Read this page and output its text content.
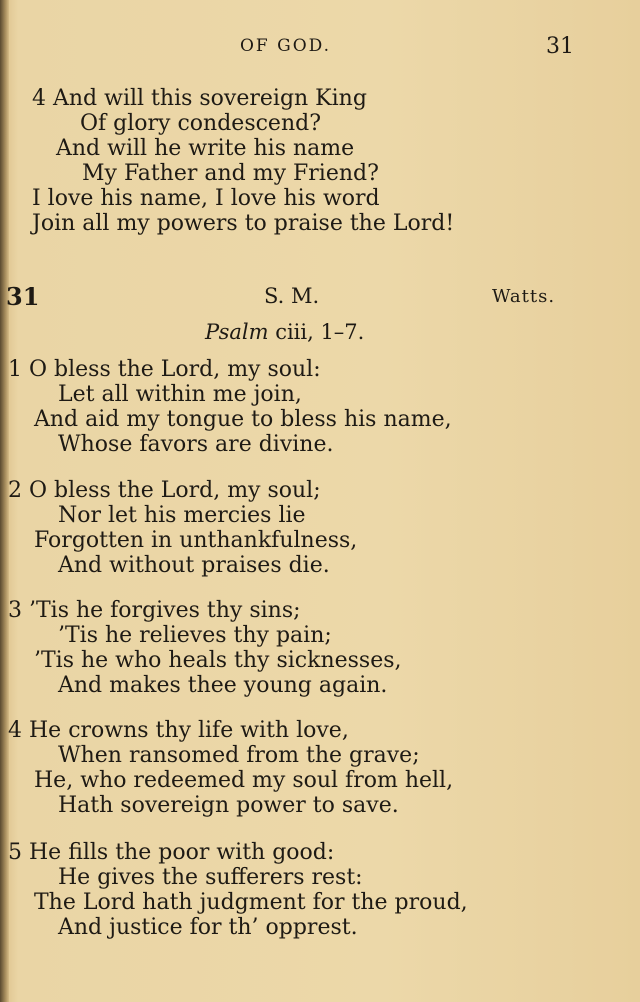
OF GOD.	31
4 And will this sovereign King
Of glory condescend?
And will he write his name
My Father and my Friend?
I love his name, I love his word
Join all my powers to praise the Lord!
31	S. M.	Watts.
Psalm ciii, 1–7.
1 O bless the Lord, my soul:
Let all within me join,
And aid my tongue to bless his name,
Whose favors are divine.
2 O bless the Lord, my soul;
Nor let his mercies lie
Forgotten in unthankfulness,
And without praises die.
3 ’Tis he forgives thy sins;
’Tis he relieves thy pain;
’Tis he who heals thy sicknesses,
And makes thee young again.
4 He crowns thy life with love,
When ransomed from the grave;
He, who redeemed my soul from hell,
Hath sovereign power to save.
5 He fills the poor with good:
He gives the sufferers rest:
The Lord hath judgment for the proud,
And justice for th’ opprest.
